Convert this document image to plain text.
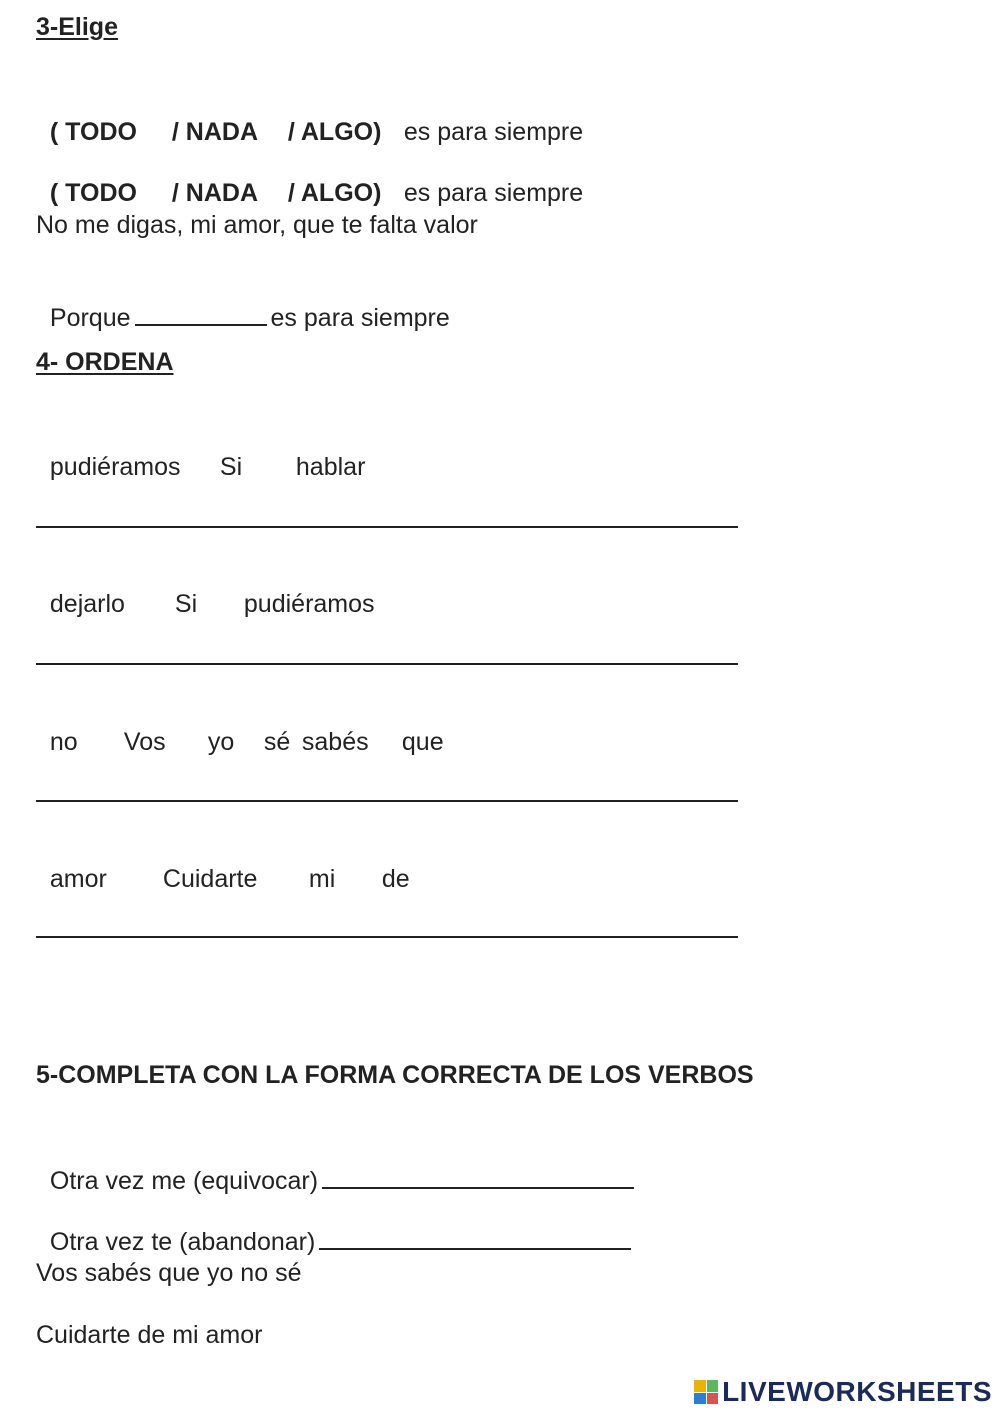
3-Elige

( TODO / NADA / ALGO) es para siempre

( TODO / NADA / ALGO) es para siempre

No me digas, mi amor, que te falta valor

Porque	es para siempre

4- ORDENA

pudiéramos Si hablar

dejarlo Si pudiéramos

no Vos yo sé sabés que

amor Cuidarte mi de

5-COMPLETA CON LA FORMA CORRECTA DE LOS VERBOS

Otra vez me (equivocar)

Otra vez te (abandonar)

Vos sabés que yo no sé
Cuidarte de mi amor
LIVEWORKSHEETS
